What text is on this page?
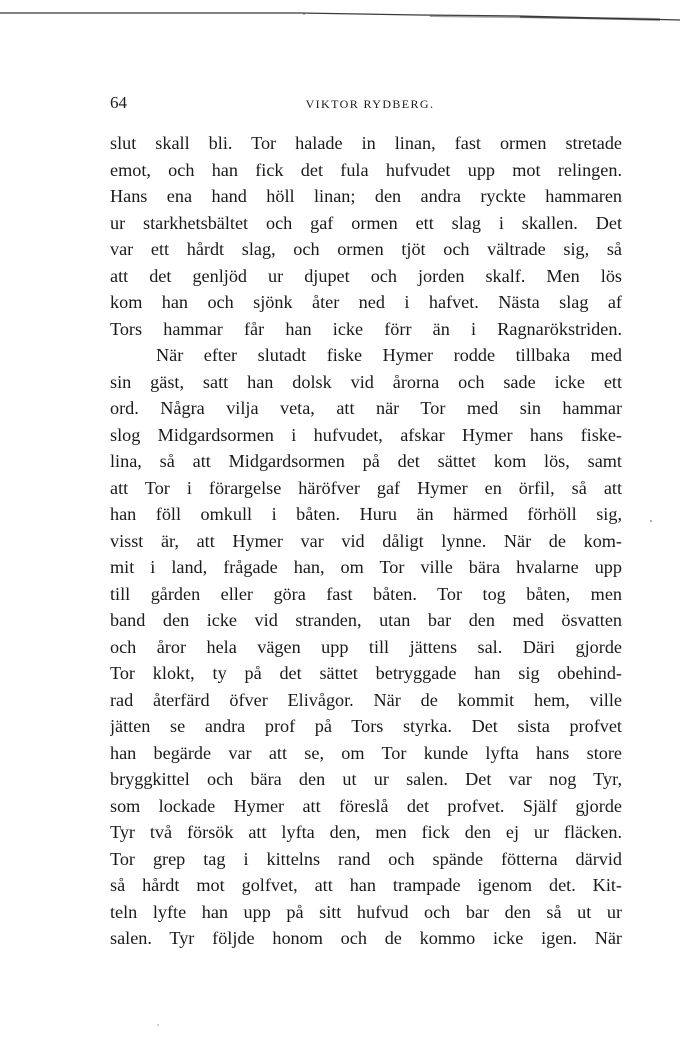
64	VIKTOR RYDBERG.
slut skall bli. Tor halade in linan, fast ormen stretade
emot, och han fick det fula hufvudet upp mot relingen.
Hans ena hand höll linan; den andra ryckte hammaren
ur starkhetsbältet och gaf ormen ett slag i skallen. Det
var ett hårdt slag, och ormen tjöt och vältrade sig, så
att det genljöd ur djupet och jorden skalf. Men lös
kom han och sjönk åter ned i hafvet. Nästa slag af
Tors hammar får han icke förr än i Ragnarökstriden.
När efter slutadt fiske Hymer rodde tillbaka med
sin gäst, satt han dolsk vid årorna och sade icke ett
ord. Några vilja veta, att när Tor med sin hammar
slog Midgardsormen i hufvudet, afskar Hymer hans fiske-
lina, så att Midgardsormen på det sättet kom lös, samt
att Tor i förargelse häröfver gaf Hymer en örfil, så att
han föll omkull i båten. Huru än härmed förhöll sig,
visst är, att Hymer var vid dåligt lynne. När de kom-
mit i land, frågade han, om Tor ville bära hvalarne upp
till gården eller göra fast båten. Tor tog båten, men
band den icke vid stranden, utan bar den med ösvatten
och åror hela vägen upp till jättens sal. Däri gjorde
Tor klokt, ty på det sättet betryggade han sig obehind-
rad återfärd öfver Elivågor. När de kommit hem, ville
jätten se andra prof på Tors styrka. Det sista profvet
han begärde var att se, om Tor kunde lyfta hans store
bryggkittel och bära den ut ur salen. Det var nog Tyr,
som lockade Hymer att föreslå det profvet. Själf gjorde
Tyr två försök att lyfta den, men fick den ej ur fläcken.
Tor grep tag i kittelns rand och spände fötterna därvid
så hårdt mot golfvet, att han trampade igenom det. Kit-
teln lyfte han upp på sitt hufvud och bar den så ut ur
salen. Tyr följde honom och de kommo icke igen. När
